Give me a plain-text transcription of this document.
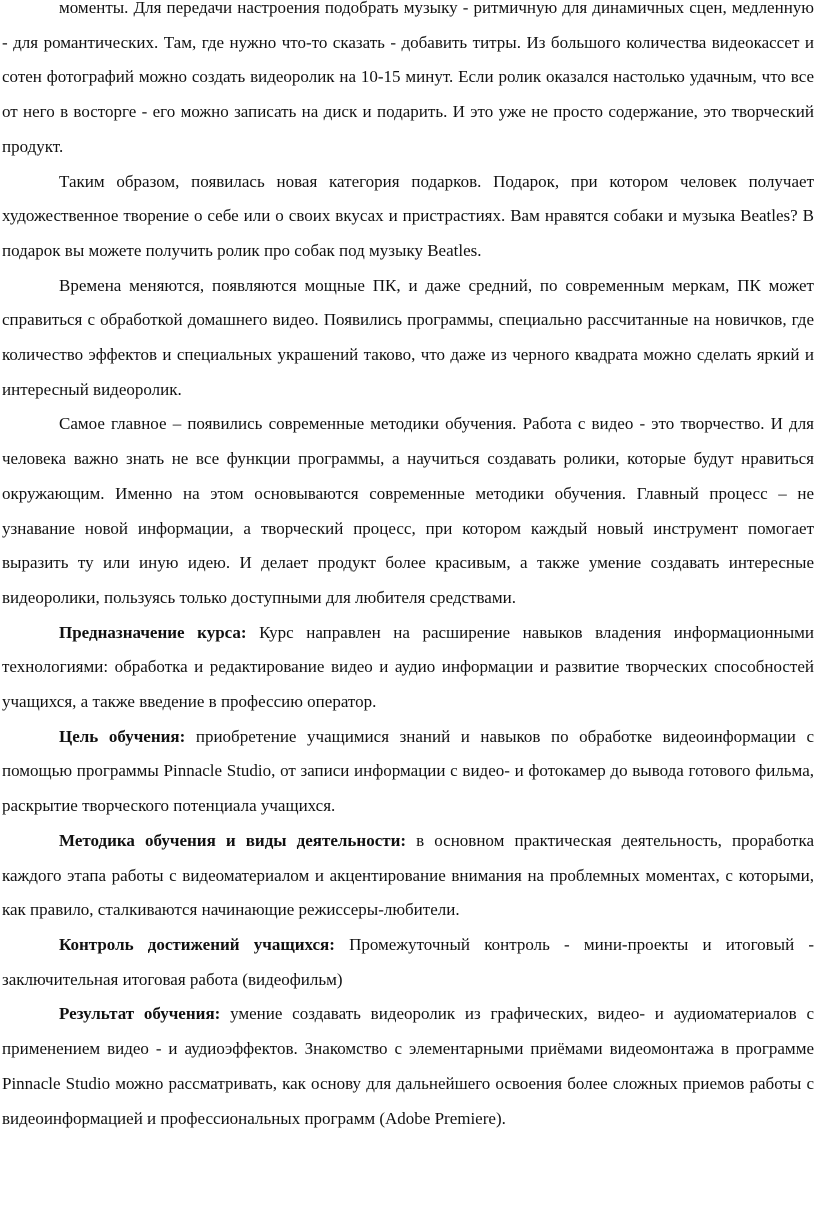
моменты. Для передачи настроения подобрать музыку - ритмичную для динамичных сцен, медленную - для романтических. Там, где нужно что-то сказать - добавить титры. Из большого количества видеокассет и сотен фотографий можно создать видеоролик на 10-15 минут. Если ролик оказался настолько удачным, что все от него в восторге - его можно записать на диск и подарить. И это уже не просто содержание, это творческий продукт.

Таким образом, появилась новая категория подарков. Подарок, при котором человек получает художественное творение о себе или о своих вкусах и пристрастиях. Вам нравятся собаки и музыка Beatles? В подарок вы можете получить ролик про собак под музыку Beatles.

Времена меняются, появляются мощные ПК, и даже средний, по современным меркам, ПК может справиться с обработкой домашнего видео. Появились программы, специально рассчитанные на новичков, где количество эффектов и специальных украшений таково, что даже из черного квадрата можно сделать яркий и интересный видеоролик.

Самое главное – появились современные методики обучения. Работа с видео - это творчество. И для человека важно знать не все функции программы, а научиться создавать ролики, которые будут нравиться окружающим. Именно на этом основываются современные методики обучения. Главный процесс – не узнавание новой информации, а творческий процесс, при котором каждый новый инструмент помогает выразить ту или иную идею. И делает продукт более красивым, а также умение создавать интересные видеоролики, пользуясь только доступными для любителя средствами.

Предназначение курса: Курс направлен на расширение навыков владения информационными технологиями: обработка и редактирование видео и аудио информации и развитие творческих способностей учащихся, а также введение в профессию оператор.

Цель обучения: приобретение учащимися знаний и навыков по обработке видеоинформации с помощью программы Pinnacle Studio, от записи информации с видео- и фотокамер до вывода готового фильма, раскрытие творческого потенциала учащихся.

Методика обучения и виды деятельности: в основном практическая деятельность, проработка каждого этапа работы с видеоматериалом и акцентирование внимания на проблемных моментах, с которыми, как правило, сталкиваются начинающие режиссеры-любители.

Контроль достижений учащихся: Промежуточный контроль - мини-проекты и итоговый - заключительная итоговая работа (видеофильм)

Результат обучения: умение создавать видеоролик из графических, видео- и аудиоматериалов с применением видео - и аудиоэффектов. Знакомство с элементарными приёмами видеомонтажа в программе Pinnacle Studio можно рассматривать, как основу для дальнейшего освоения более сложных приемов работы с видеоинформацией и профессиональных программ (Adobe Premiere).
